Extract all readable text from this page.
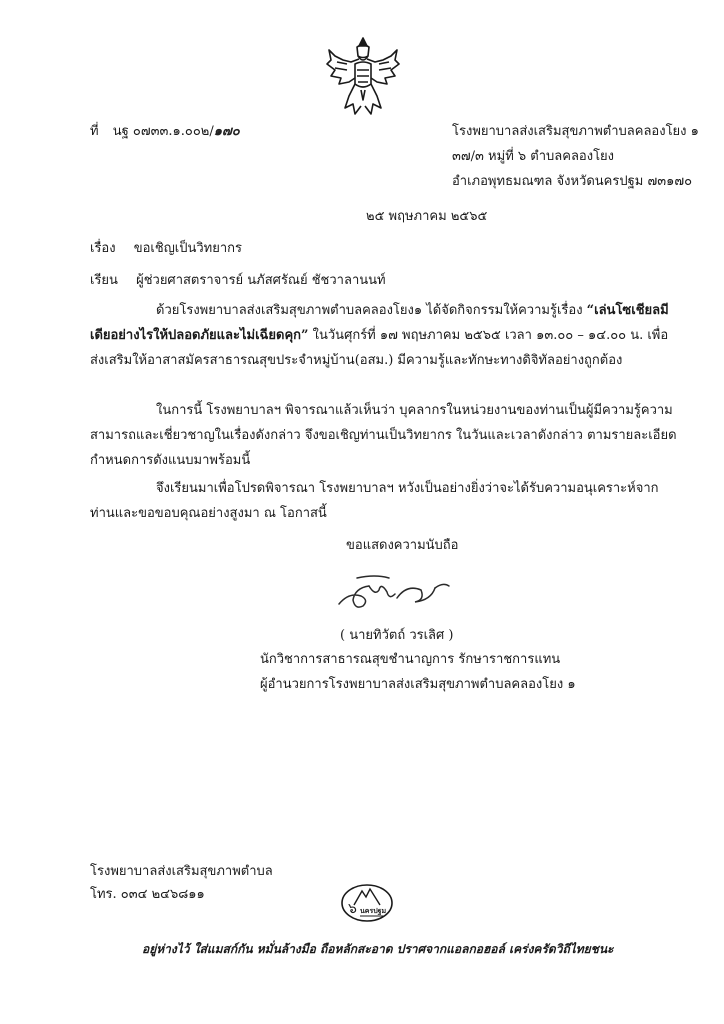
ที่ นฐ ๐๗๓๓.๑.๐๐๒/๑๗๐	โรงพยาบาลส่งเสริมสุขภาพตำบลคลองโยง ๑
๓๗/๓ หมู่ที่ ๖ ตำบลคลองโยง
อำเภอพุทธมณฑล จังหวัดนครปฐม ๗๓๑๗๐
๒๕ พฤษภาคม ๒๕๖๕
เรื่อง ขอเชิญเป็นวิทยากร
เรียน ผู้ช่วยศาสตราจารย์ นภัสศรัณย์ ชัชวาลานนท์
ด้วยโรงพยาบาลส่งเสริมสุขภาพตำบลคลองโยง๑ ได้จัดกิจกรรมให้ความรู้เรื่อง “เล่นโซเชียลมีเดียอย่างไรให้ปลอดภัยและไม่เฉียดคุก” ในวันศุกร์ที่ ๑๗ พฤษภาคม ๒๕๖๕ เวลา ๑๓.๐๐ – ๑๔.๐๐ น. เพื่อส่งเสริมให้อาสาสมัครสาธารณสุขประจำหมู่บ้าน(อสม.) มีความรู้และทักษะทางดิจิทัลอย่างถูกต้อง
ในการนี้ โรงพยาบาลฯ พิจารณาแล้วเห็นว่า บุคลากรในหน่วยงานของท่านเป็นผู้มีความรู้ความสามารถและเชี่ยวชาญในเรื่องดังกล่าว จึงขอเชิญท่านเป็นวิทยากร ในวันและเวลาดังกล่าว ตามรายละเอียดกำหนดการดังแนบมาพร้อมนี้
จึงเรียนมาเพื่อโปรดพิจารณา โรงพยาบาลฯ หวังเป็นอย่างยิ่งว่าจะได้รับความอนุเคราะห์จากท่านและขอขอบคุณอย่างสูงมา ณ โอกาสนี้
ขอแสดงความนับถือ
( นายทิวัตถ์ วรเลิศ )
นักวิชาการสาธารณสุขชำนาญการ รักษาราชการแทน
ผู้อำนวยการโรงพยาบาลส่งเสริมสุขภาพตำบลคลองโยง ๑
โรงพยาบาลส่งเสริมสุขภาพตำบล
โทร. ๐๓๔ ๒๔๖๘๑๑
๖ นครปฐม
อยู่ห่างไว้ ใส่แมสก์กัน หมั่นล้างมือ ถือหลักสะอาด ปราศจากแอลกอฮอล์ เคร่งครัดวิถีไทยชนะ
